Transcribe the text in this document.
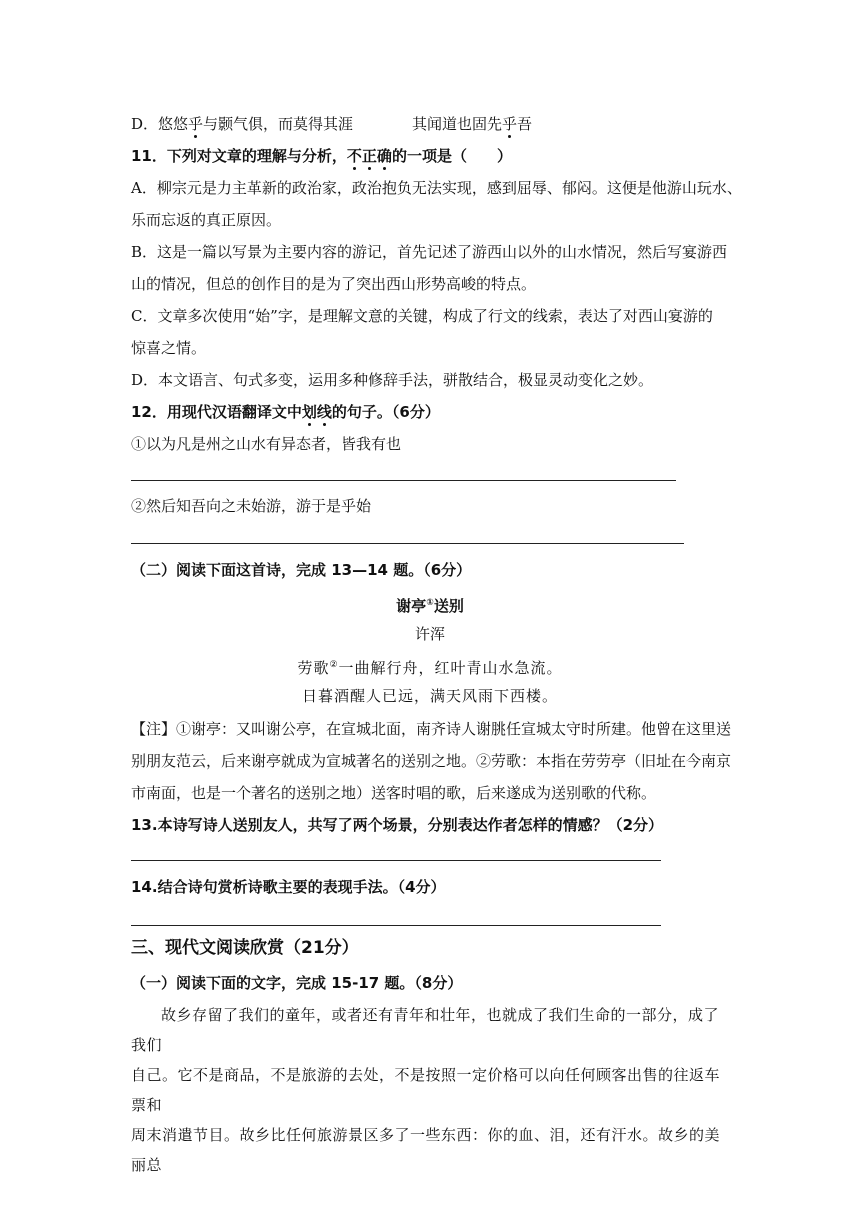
D．悠悠乎与颢气俱，而莫得其涯	其闻道也固先乎吾
11．下列对文章的理解与分析，不正确的一项是（　　）
A．柳宗元是力主革新的政治家，政治抱负无法实现，感到屈辱、郁闷。这便是他游山玩水、
乐而忘返的真正原因。
B．这是一篇以写景为主要内容的游记，首先记述了游西山以外的山水情况，然后写宴游西
山的情况，但总的创作目的是为了突出西山形势高峻的特点。
C．文章多次使用“始”字，是理解文意的关键，构成了行文的线索，表达了对西山宴游的
惊喜之情。
D．本文语言、句式多变，运用多种修辞手法，骈散结合，极显灵动变化之妙。
12．用现代汉语翻译文中划线的句子。（6分）
①以为凡是州之山水有异态者，皆我有也
②然后知吾向之未始游，游于是乎始
（二）阅读下面这首诗，完成 13—14 题。（6分）
谢亭①送别
许浑
劳歌②一曲解行舟，红叶青山水急流。
日暮酒醒人已远，满天风雨下西楼。
【注】①谢亭：又叫谢公亭，在宣城北面，南齐诗人谢朓任宣城太守时所建。他曾在这里送
别朋友范云，后来谢亭就成为宣城著名的送别之地。②劳歌：本指在劳劳亭（旧址在今南京
市南面，也是一个著名的送别之地）送客时唱的歌，后来遂成为送别歌的代称。
13.本诗写诗人送别友人，共写了两个场景，分别表达作者怎样的情感？（2分）
14.结合诗句赏析诗歌主要的表现手法。（4分）
三、现代文阅读欣赏（21分）
（一）阅读下面的文字，完成 15-17 题。（8分）
故乡存留了我们的童年，或者还有青年和壮年，也就成了我们生命的一部分，成了我们
自己。它不是商品，不是旅游的去处，不是按照一定价格可以向任何顾客出售的往返车票和
周末消遣节目。故乡比任何旅游景区多了一些东西：你的血、泪，还有汗水。故乡的美丽总
